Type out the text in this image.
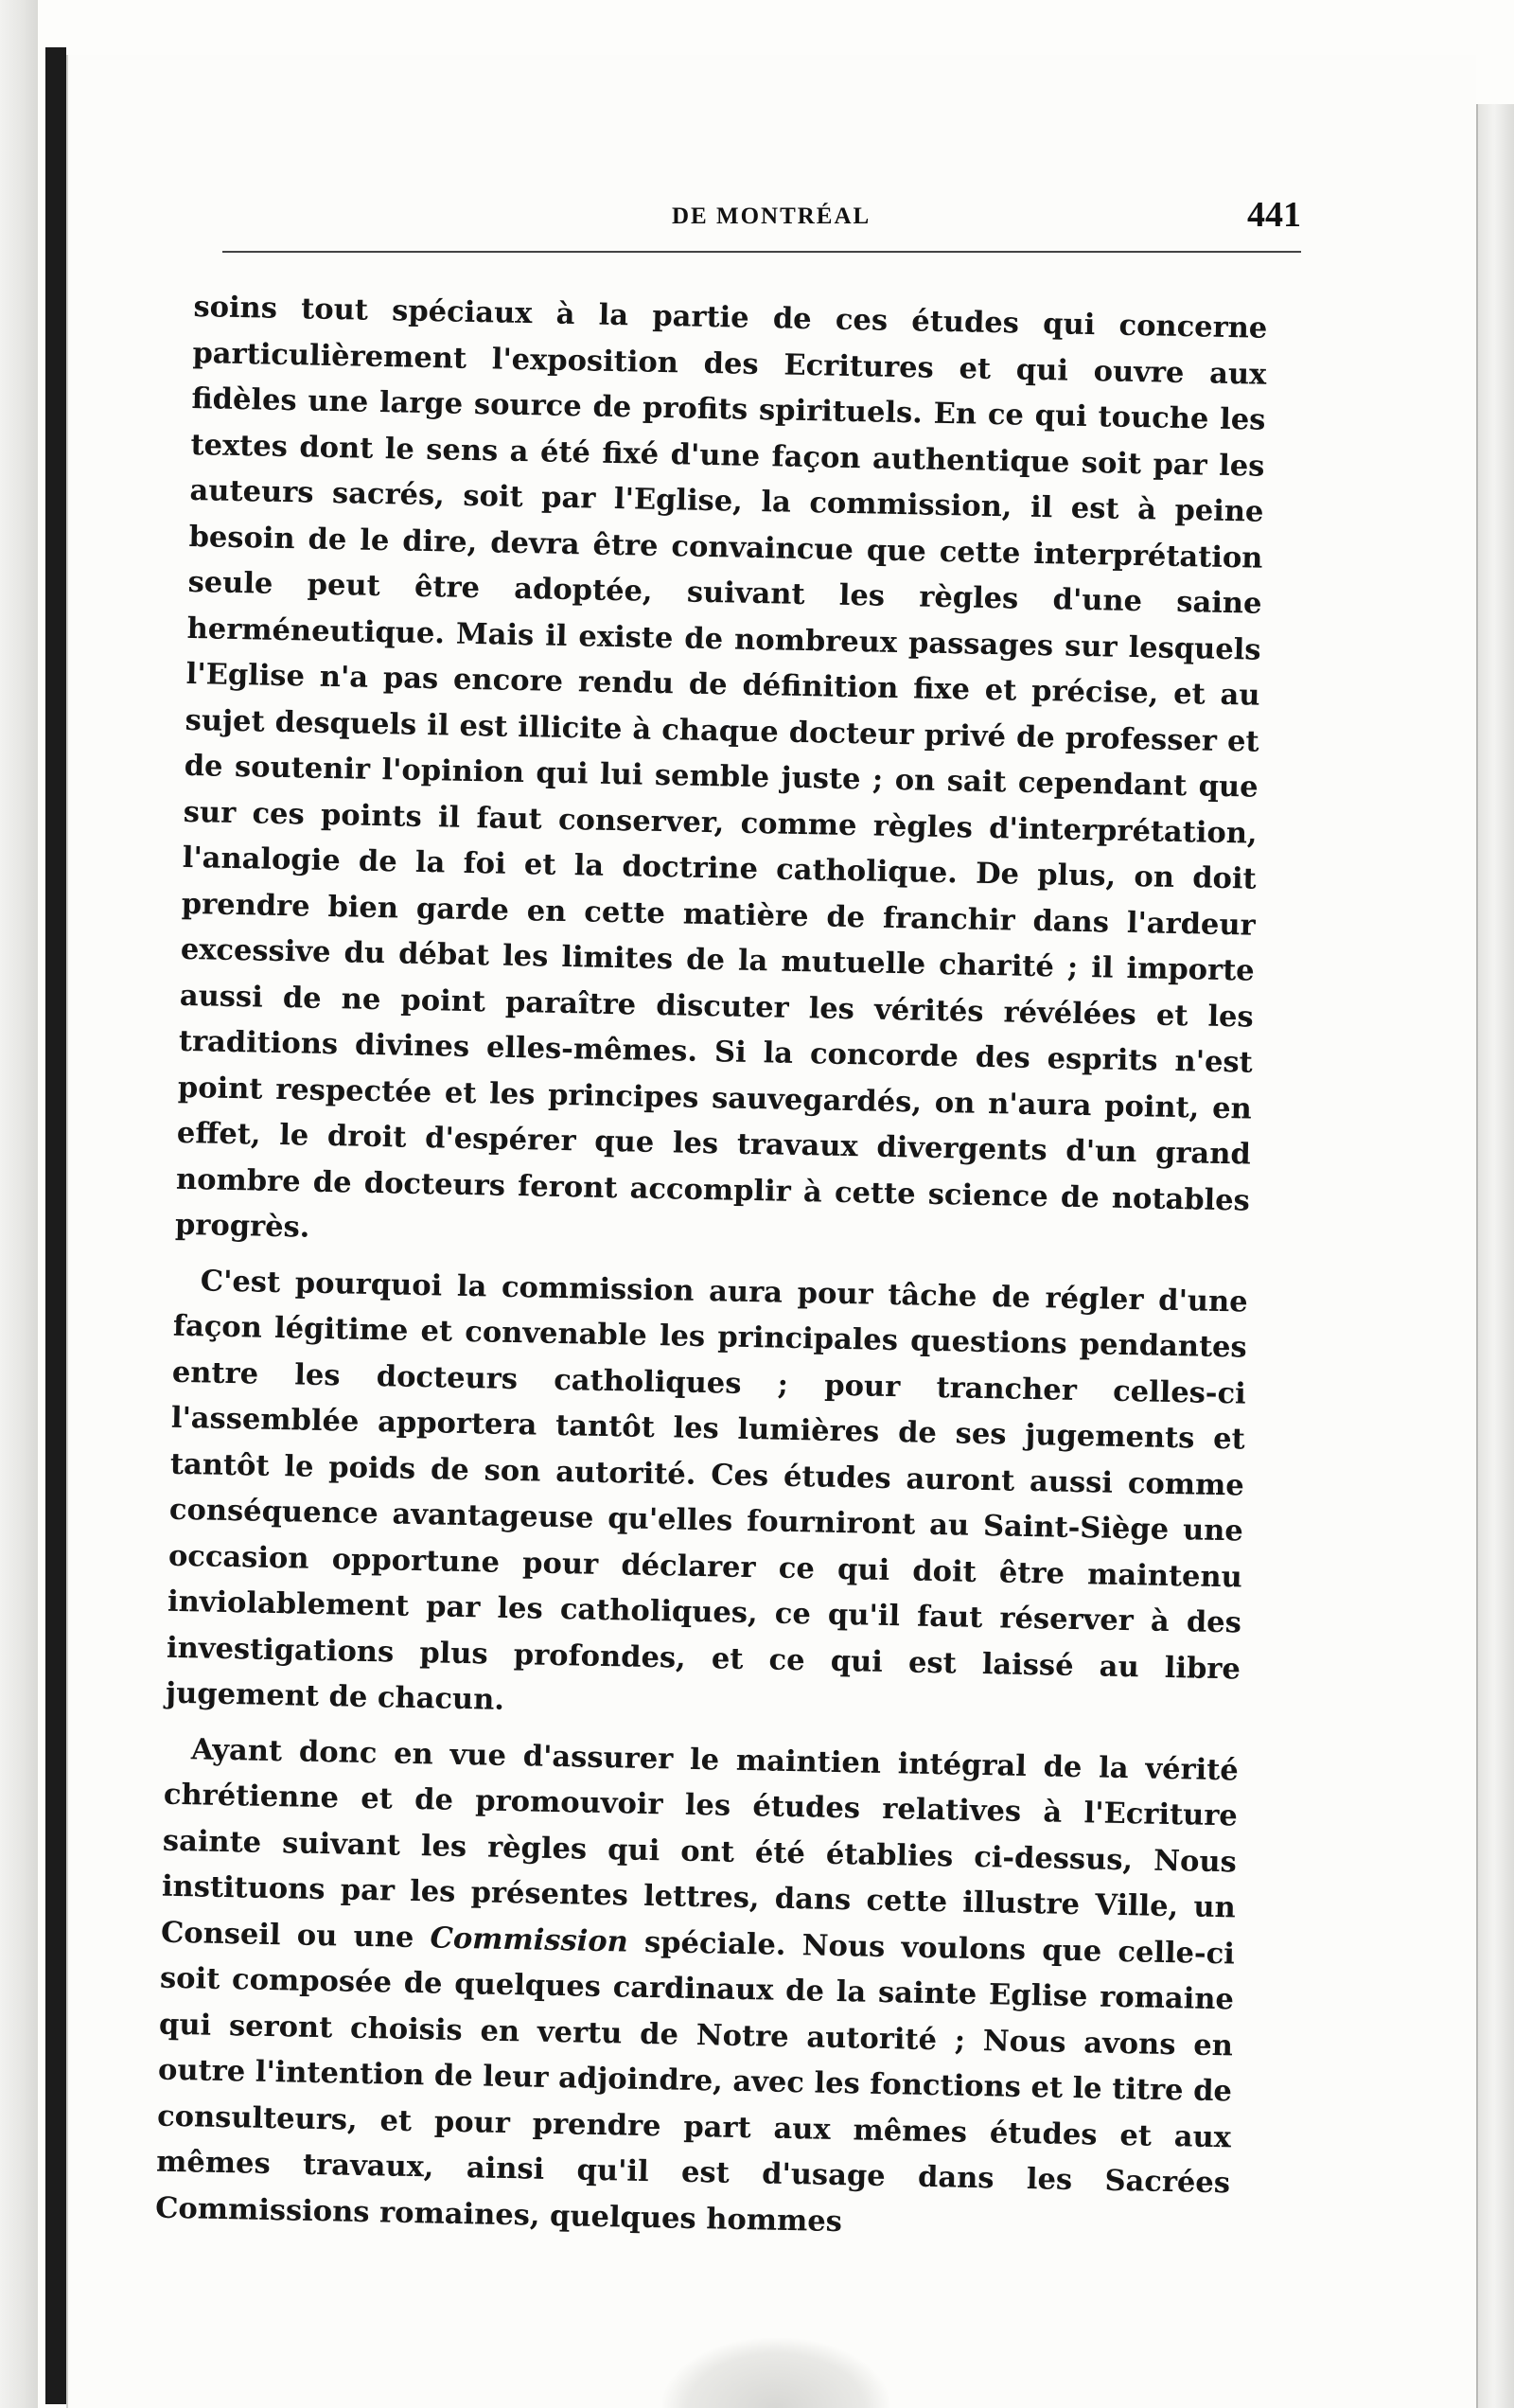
DE MONTRÉAL	441

soins tout spéciaux à la partie de ces études qui concerne particulièrement l'exposition des Ecritures et qui ouvre aux fidèles une large source de profits spirituels. En ce qui touche les textes dont le sens a été fixé d'une façon authentique soit par les auteurs sacrés, soit par l'Eglise, la commission, il est à peine besoin de le dire, devra être convaincue que cette interprétation seule peut être adoptée, suivant les règles d'une saine herméneutique. Mais il existe de nombreux passages sur lesquels l'Eglise n'a pas encore rendu de définition fixe et précise, et au sujet desquels il est illicite à chaque docteur privé de professer et de soutenir l'opinion qui lui semble juste ; on sait cependant que sur ces points il faut conserver, comme règles d'interprétation, l'analogie de la foi et la doctrine catholique. De plus, on doit prendre bien garde en cette matière de franchir dans l'ardeur excessive du débat les limites de la mutuelle charité ; il importe aussi de ne point paraître discuter les vérités révélées et les traditions divines elles-mêmes. Si la concorde des esprits n'est point respectée et les principes sauvegardés, on n'aura point, en effet, le droit d'espérer que les travaux divergents d'un grand nombre de docteurs feront accomplir à cette science de notables progrès.

C'est pourquoi la commission aura pour tâche de régler d'une façon légitime et convenable les principales questions pendantes entre les docteurs catholiques ; pour trancher celles-ci l'assemblée apportera tantôt les lumières de ses jugements et tantôt le poids de son autorité. Ces études auront aussi comme conséquence avantageuse qu'elles fourniront au Saint-Siège une occasion opportune pour déclarer ce qui doit être maintenu inviolablement par les catholiques, ce qu'il faut réserver à des investigations plus profondes, et ce qui est laissé au libre jugement de chacun.

Ayant donc en vue d'assurer le maintien intégral de la vérité chrétienne et de promouvoir les études relatives à l'Ecriture sainte suivant les règles qui ont été établies ci-dessus, Nous instituons par les présentes lettres, dans cette illustre Ville, un Conseil ou une Commission spéciale. Nous voulons que celle-ci soit composée de quelques cardinaux de la sainte Eglise romaine qui seront choisis en vertu de Notre autorité ; Nous avons en outre l'intention de leur adjoindre, avec les fonctions et le titre de consulteurs, et pour prendre part aux mêmes études et aux mêmes travaux, ainsi qu'il est d'usage dans les Sacrées Commissions romaines, quelques hommes
